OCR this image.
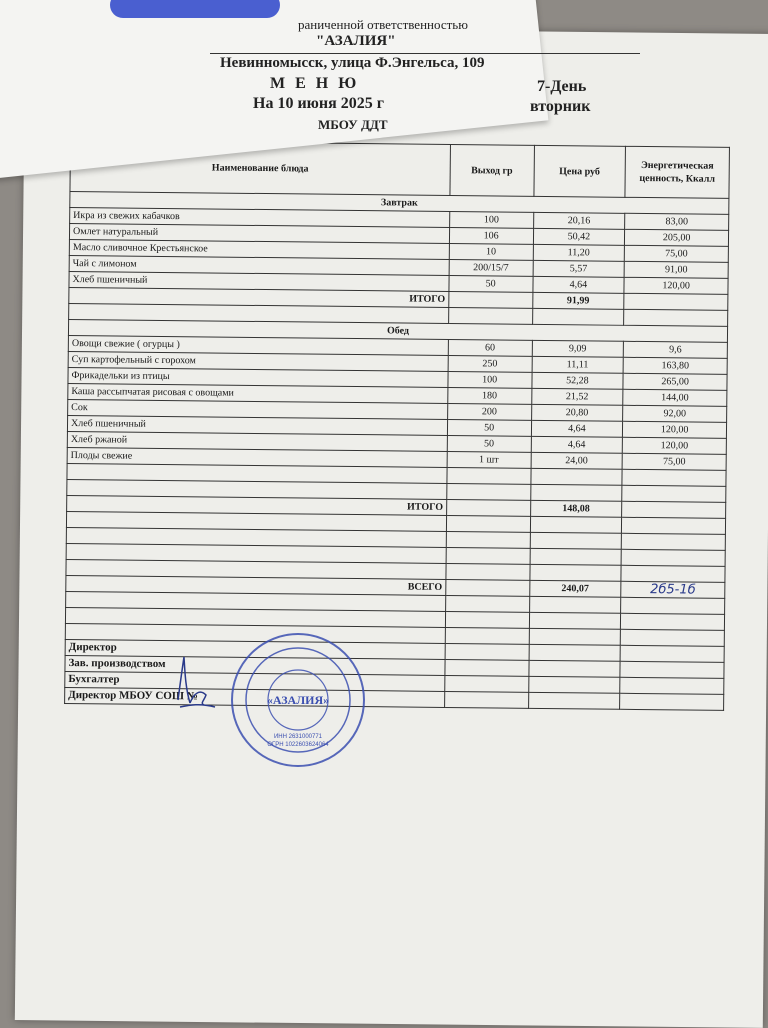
раниченной ответственностью
"АЗАЛИЯ"
Невинномысск, улица Ф.Энгельса, 109
М Е Н Ю	7-День
На 10 июня 2025 г	вторник
МБОУ ДДТ
Наименование блюда	Выход гр	Цена руб	Энергетическая ценность, Ккалл
Завтрак			
Икра из свежих кабачков	100	20,16	83,00
Омлет натуральный	106	50,42	205,00
Масло сливочное Крестьянское	10	11,20	75,00
Чай с лимоном	200/15/7	5,57	91,00
Хлеб пшеничный	50	4,64	120,00
ИТОГО		91,99	

Обед			
Овощи свежие ( огурцы )	60	9,09	9,6
Суп картофельный с горохом	250	11,11	163,80
Фрикадельки из птицы	100	52,28	265,00
Каша рассыпчатая рисовая с овощами	180	21,52	144,00
Сок	200	20,80	92,00
Хлеб пшеничный	50	4,64	120,00
Хлеб ржаной	50	4,64	120,00
Плоды свежие	1 шт	24,00	75,00

ИТОГО		148,08	

ВСЕГО		240,07	2б5-1б

Директор			
Зав. производством			
Бухгалтер			
Директор МБОУ СОШ №				«АЗАЛИЯ»
ИНН 2631000771
ОГРН 1022603624064
